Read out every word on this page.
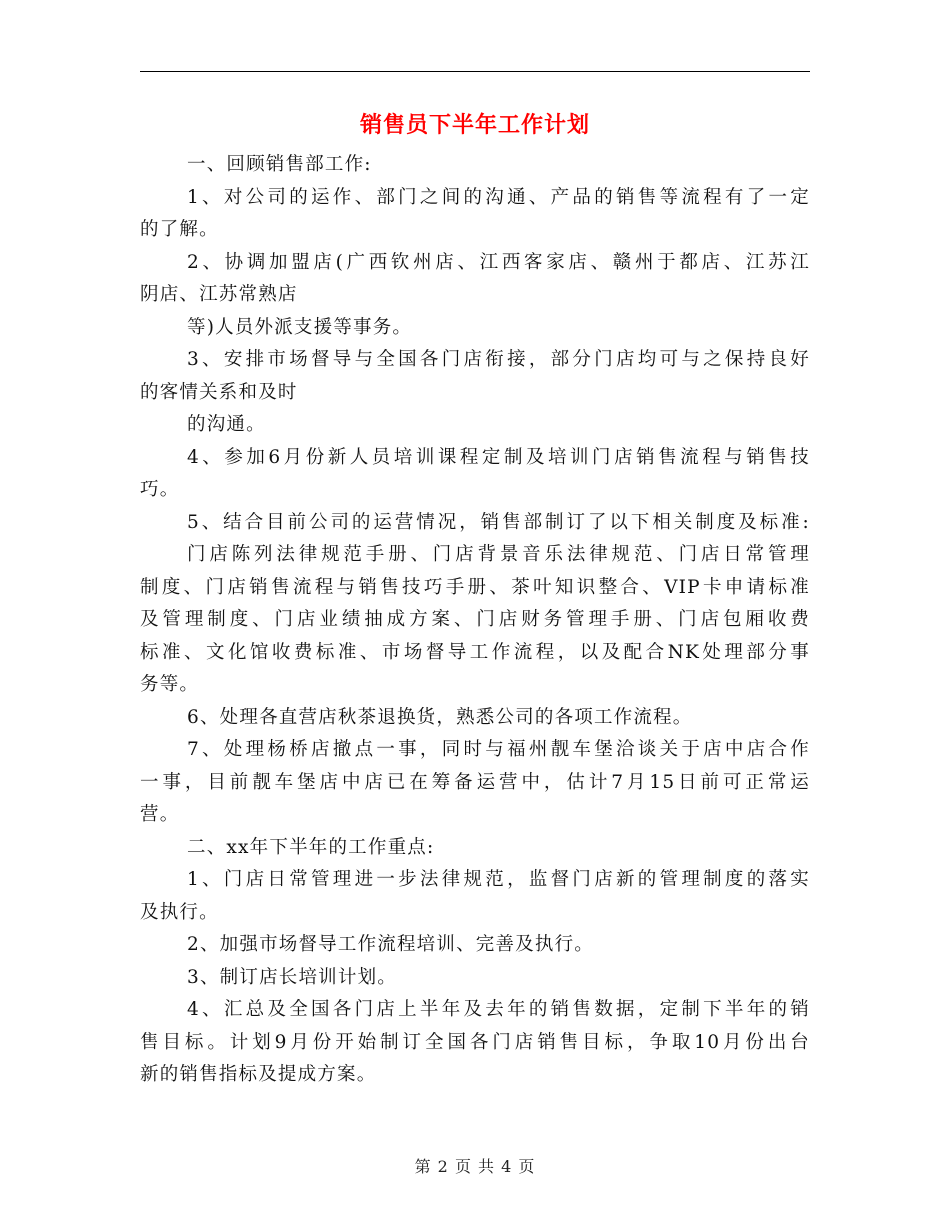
销售员下半年工作计划
一、回顾销售部工作:
1、对公司的运作、部门之间的沟通、产品的销售等流程有了一定
的了解。
2、协调加盟店(广西钦州店、江西客家店、赣州于都店、江苏江
阴店、江苏常熟店
等)人员外派支援等事务。
3、安排市场督导与全国各门店衔接，部分门店均可与之保持良好
的客情关系和及时
的沟通。
4、参加6月份新人员培训课程定制及培训门店销售流程与销售技
巧。
5、结合目前公司的运营情况，销售部制订了以下相关制度及标准:
门店陈列法律规范手册、门店背景音乐法律规范、门店日常管理
制度、门店销售流程与销售技巧手册、茶叶知识整合、VIP卡申请标准
及管理制度、门店业绩抽成方案、门店财务管理手册、门店包厢收费
标准、文化馆收费标准、市场督导工作流程，以及配合NK处理部分事
务等。
6、处理各直营店秋茶退换货，熟悉公司的各项工作流程。
7、处理杨桥店撤点一事，同时与福州靓车堡洽谈关于店中店合作
一事，目前靓车堡店中店已在筹备运营中，估计7月15日前可正常运
营。
二、xx年下半年的工作重点:
1、门店日常管理进一步法律规范，监督门店新的管理制度的落实
及执行。
2、加强市场督导工作流程培训、完善及执行。
3、制订店长培训计划。
4、汇总及全国各门店上半年及去年的销售数据，定制下半年的销
售目标。计划9月份开始制订全国各门店销售目标，争取10月份出台
新的销售指标及提成方案。
第 2 页 共 4 页
